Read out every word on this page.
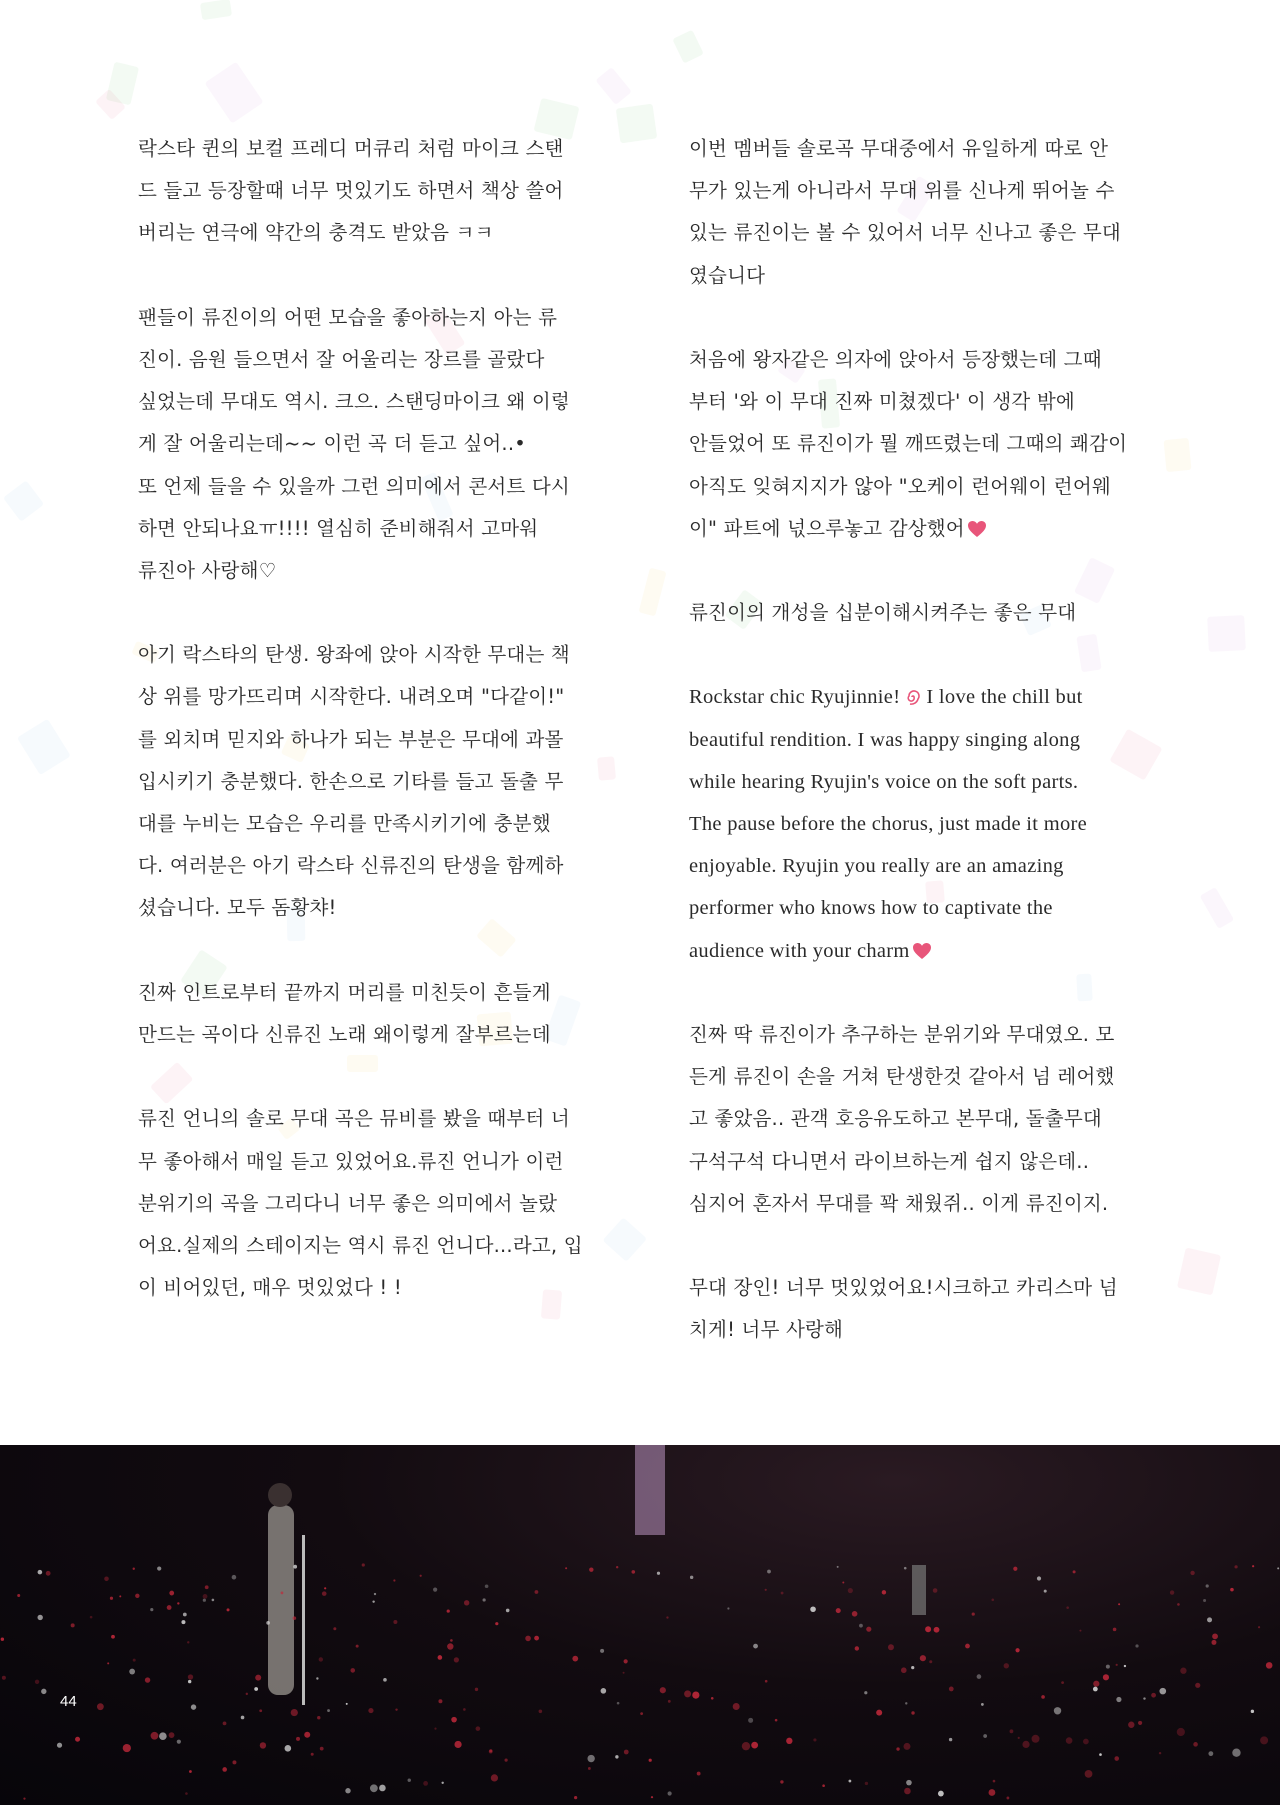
락스타 퀸의 보컬 프레디 머큐리 처럼 마이크 스탠
드 들고 등장할때 너무 멋있기도 하면서 책상 쓸어
버리는 연극에 약간의 충격도 받았음 ㅋㅋ
팬들이 류진이의 어떤 모습을 좋아하는지 아는 류
진이. 음원 들으면서 잘 어울리는 장르를 골랐다
싶었는데 무대도 역시. 크으. 스탠딩마이크 왜 이렇
게 잘 어울리는데~~ 이런 곡 더 듣고 싶어..•
또 언제 들을 수 있을까 그런 의미에서 콘서트 다시
하면 안되나요ㅠ!!!! 열심히 준비해줘서 고마워
류진아 사랑해♡
아기 락스타의 탄생. 왕좌에 앉아 시작한 무대는 책
상 위를 망가뜨리며 시작한다. 내려오며 "다같이!"
를 외치며 믿지와 하나가 되는 부분은 무대에 과몰
입시키기 충분했다. 한손으로 기타를 들고 돌출 무
대를 누비는 모습은 우리를 만족시키기에 충분했
다. 여러분은 아기 락스타 신류진의 탄생을 함께하
셨습니다. 모두 돔황챠!
진짜 인트로부터 끝까지 머리를 미친듯이 흔들게
만드는 곡이다 신류진 노래 왜이렇게 잘부르는데
류진 언니의 솔로 무대 곡은 뮤비를 봤을 때부터 너
무 좋아해서 매일 듣고 있었어요.류진 언니가 이런
분위기의 곡을 그리다니 너무 좋은 의미에서 놀랐
어요.실제의 스테이지는 역시 류진 언니다...라고, 입
이 비어있던, 매우 멋있었다 ! !
이번 멤버들 솔로곡 무대중에서 유일하게 따로 안
무가 있는게 아니라서 무대 위를 신나게 뛰어놀 수
있는 류진이는 볼 수 있어서 너무 신나고 좋은 무대
였습니다
처음에 왕자같은 의자에 앉아서 등장했는데 그때
부터 '와 이 무대 진짜 미쳤겠다' 이 생각 밖에
안들었어 또 류진이가 뭘 깨뜨렸는데 그때의 쾌감이
아직도 잊혀지지가 않아 "오케이 런어웨이 런어웨
이" 파트에 넋으루놓고 감상했어
류진이의 개성을 십분이해시켜주는 좋은 무대
Rockstar chic Ryujinnie! I love the chill but
beautiful rendition. I was happy singing along
while hearing Ryujin's voice on the soft parts.
The pause before the chorus, just made it more
enjoyable. Ryujin you really are an amazing
performer who knows how to captivate the
audience with your charm
진짜 딱 류진이가 추구하는 분위기와 무대였오. 모
든게 류진이 손을 거쳐 탄생한것 같아서 넘 레어했
고 좋았음.. 관객 호응유도하고 본무대, 돌출무대
구석구석 다니면서 라이브하는게 쉽지 않은데..
심지어 혼자서 무대를 꽉 채웠쥐.. 이게 류진이지.
무대 장인! 너무 멋있었어요!시크하고 카리스마 넘
치게! 너무 사랑해
44
